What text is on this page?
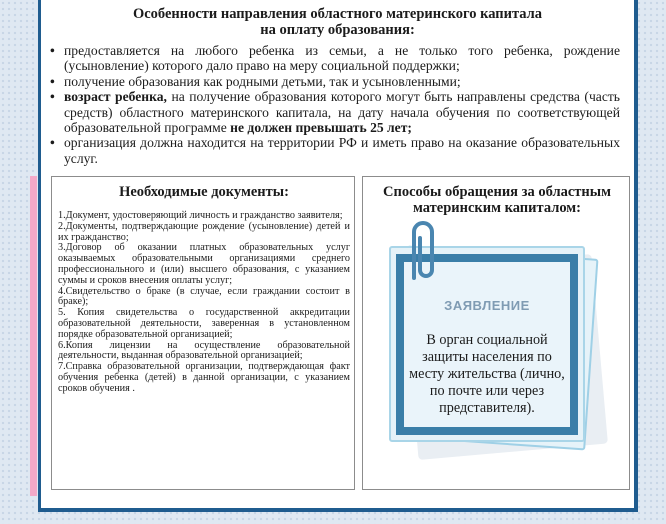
Особенности направления областного материнского капитала
на оплату образования:
• предоставляется на любого ребенка из семьи, а не только того ребенка, рождение (усыновление) которого дало право на меру социальной поддержки;
• получение образования как родными детьми, так и усыновленными;
• возраст ребенка, на получение образования которого могут быть направлены средства (часть средств) областного материнского капитала, на дату начала обучения по соответствующей образовательной программе не должен превышать 25 лет;
• организация должна находится на территории РФ и иметь право на оказание образовательных услуг.
Необходимые документы:
1.Документ, удостоверяющий личность и гражданство заявителя;
2.Документы, подтверждающие рождение (усыновление) детей и их гражданство;
3.Договор об оказании платных образовательных услуг оказываемых образовательными организациями среднего профессионального и (или) высшего образования, с указанием суммы и сроков внесения оплаты услуг;
4.Свидетельство о браке (в случае, если граждании состоит в браке);
5. Копия свидетельства о государственной аккредитации образовательной деятельности, заверенная в установленном порядке образовательной организацией;
6.Копия лицензии на осуществление образовательной деятельности, выданная образовательной организацией;
7.Справка образовательной организации, подтверждающая факт обучения ребенка (детей) в данной организации, с указанием сроков обучения .
Способы обращения за областным материнским капиталом:
ЗАЯВЛЕНИЕ
В орган социальной защиты населения по месту жительства (лично, по почте или через представителя).
